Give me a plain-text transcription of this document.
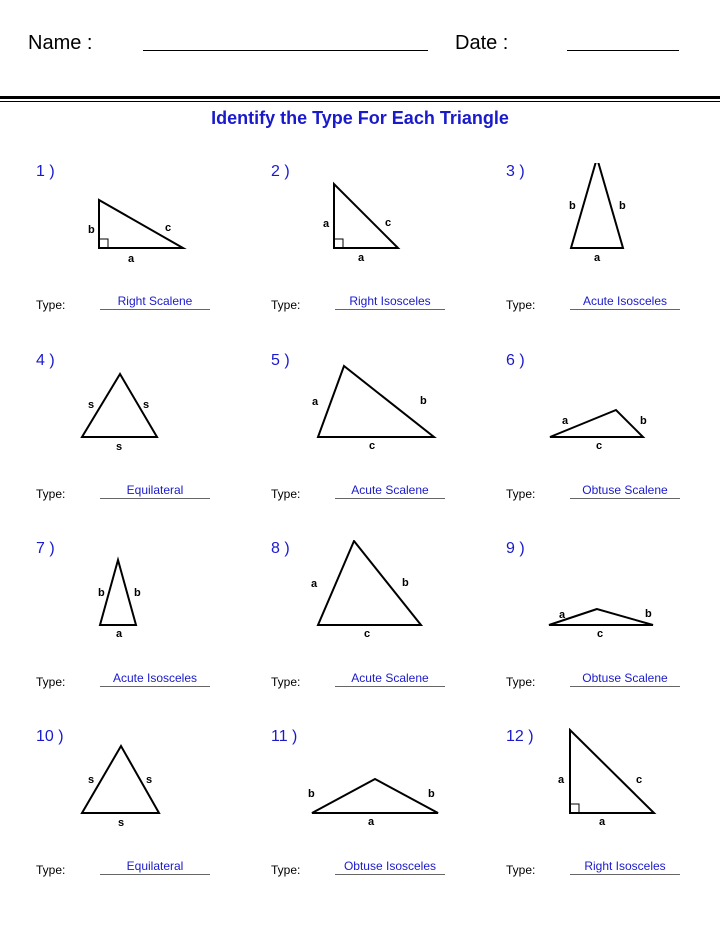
Name :	Date :
Identify the Type For Each Triangle
1 )
b	c
a
Type:	Right Scalene
2 )
a	c
a
Type:	Right Isosceles
3 )
b	b
a
Type:	Acute Isosceles
4 )
s	s
s
Type:	Equilateral
5 )
a	b
c
Type:	Acute Scalene
6 )
a	b
c
Type:	Obtuse Scalene
7 )
b	b
a
Type:	Acute Isosceles
8 )
a	b
c
Type:	Acute Scalene
9 )
a	b
c
Type:	Obtuse Scalene
10 )
s	s
s
Type:	Equilateral
11 )
b	b
a
Type:	Obtuse Isosceles
12 )
a	c
a
Type:	Right Isosceles
